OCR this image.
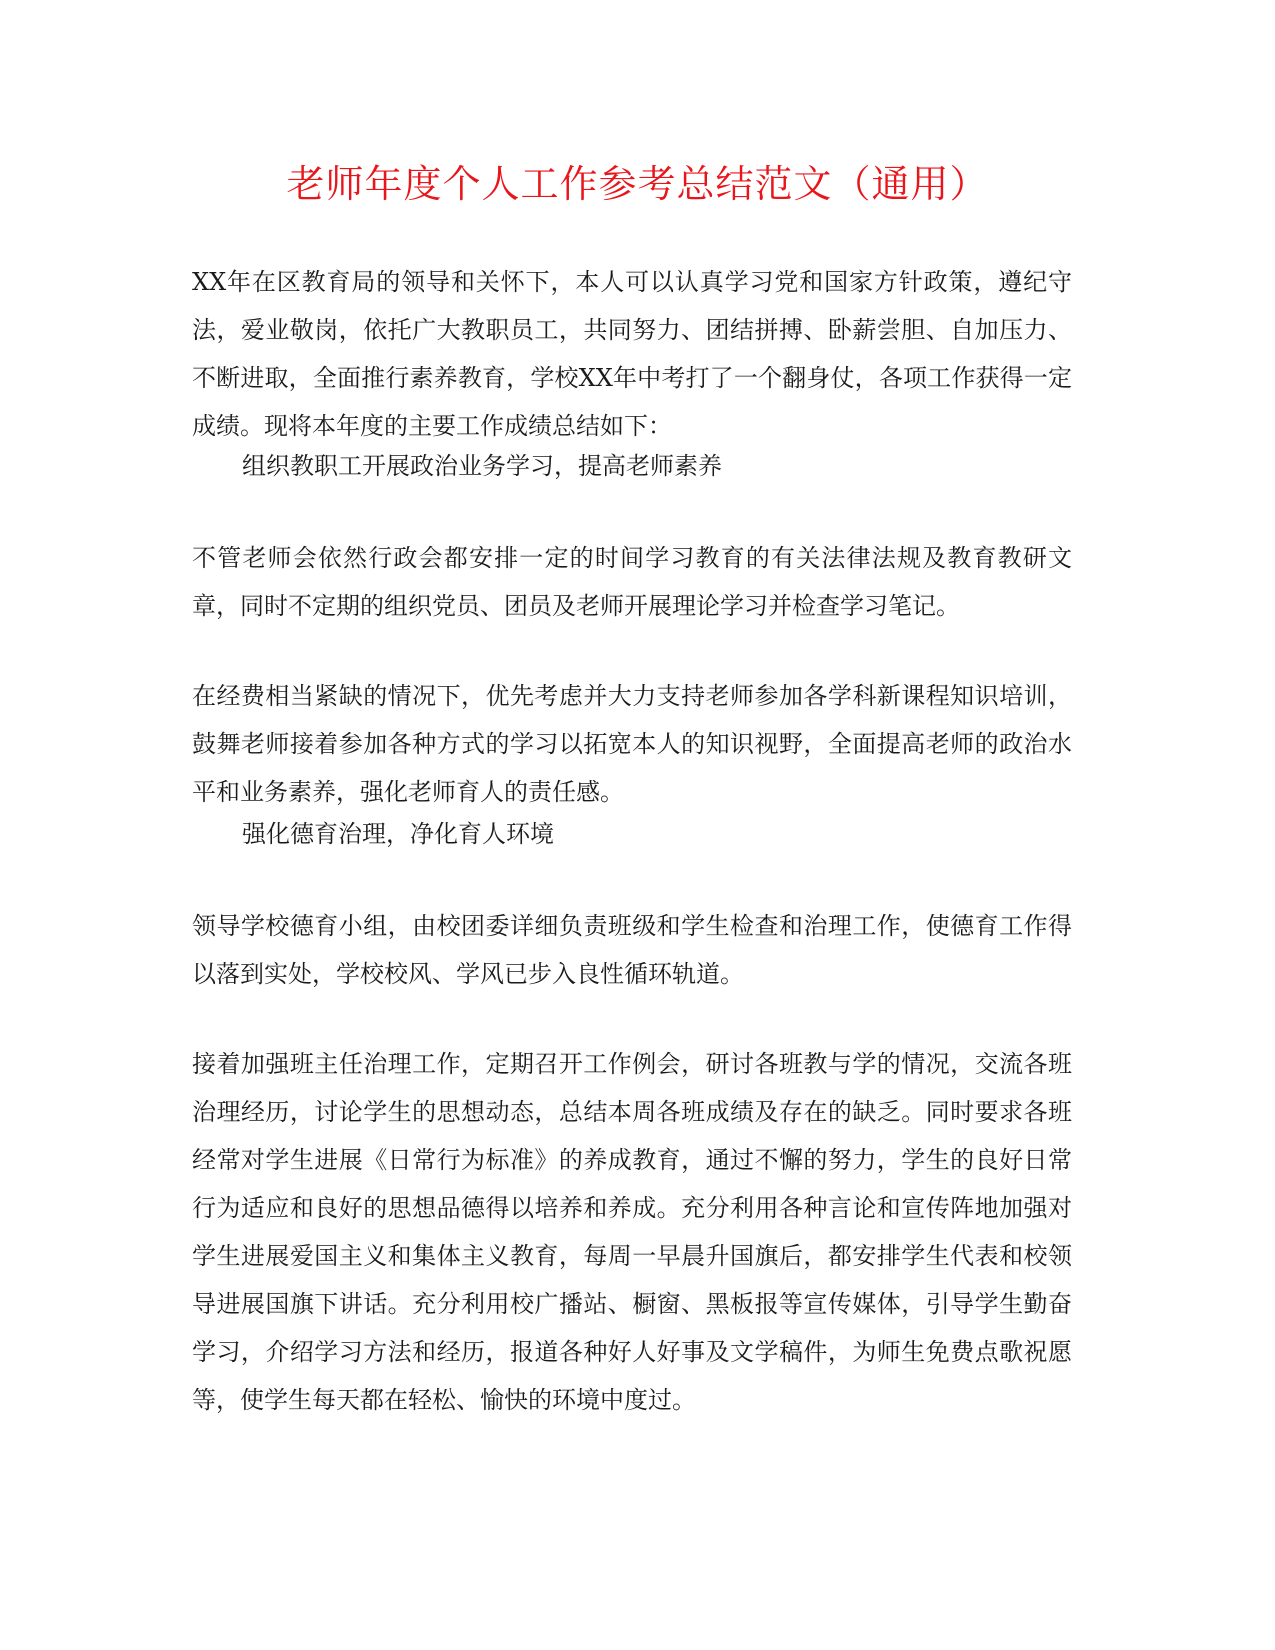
老师年度个人工作参考总结范文（通用）

XX年在区教育局的领导和关怀下，本人可以认真学习党和国家方针政策，遵纪守法，爱业敬岗，依托广大教职员工，共同努力、团结拼搏、卧薪尝胆、自加压力、不断进取，全面推行素养教育，学校XX年中考打了一个翻身仗，各项工作获得一定成绩。现将本年度的主要工作成绩总结如下：

组织教职工开展政治业务学习，提高老师素养

不管老师会依然行政会都安排一定的时间学习教育的有关法律法规及教育教研文章，同时不定期的组织党员、团员及老师开展理论学习并检查学习笔记。

在经费相当紧缺的情况下，优先考虑并大力支持老师参加各学科新课程知识培训，鼓舞老师接着参加各种方式的学习以拓宽本人的知识视野，全面提高老师的政治水平和业务素养，强化老师育人的责任感。

强化德育治理，净化育人环境

领导学校德育小组，由校团委详细负责班级和学生检查和治理工作，使德育工作得以落到实处，学校校风、学风已步入良性循环轨道。

接着加强班主任治理工作，定期召开工作例会，研讨各班教与学的情况，交流各班治理经历，讨论学生的思想动态，总结本周各班成绩及存在的缺乏。同时要求各班经常对学生进展《日常行为标准》的养成教育，通过不懈的努力，学生的良好日常行为适应和良好的思想品德得以培养和养成。充分利用各种言论和宣传阵地加强对学生进展爱国主义和集体主义教育，每周一早晨升国旗后，都安排学生代表和校领导进展国旗下讲话。充分利用校广播站、橱窗、黑板报等宣传媒体，引导学生勤奋学习，介绍学习方法和经历，报道各种好人好事及文学稿件，为师生免费点歌祝愿等，使学生每天都在轻松、愉快的环境中度过。
